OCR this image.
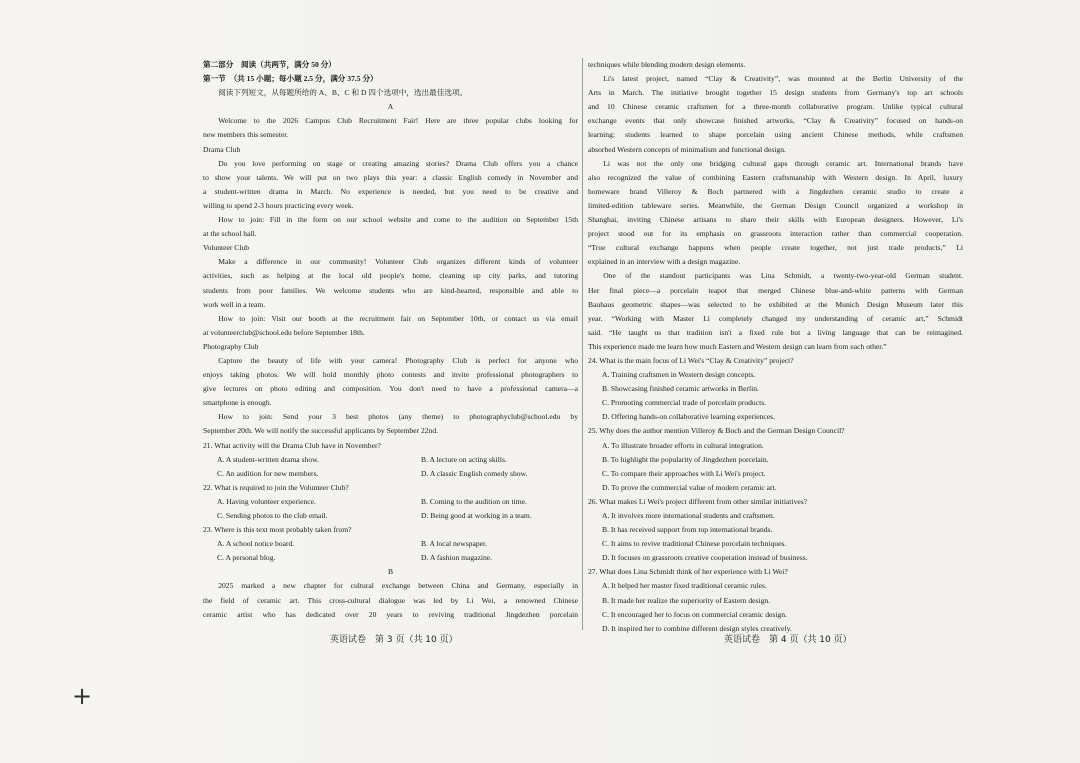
第二部分　阅读（共两节，满分 50 分）
第一节　（共 15 小题；每小题 2.5 分，满分 37.5 分）
阅读下列短文，从每题所给的 A、B、C 和 D 四个选项中，选出最佳选项。
A
Welcome to the 2026 Campus Club Recruitment Fair! Here are three popular clubs looking for
new members this semester.
Drama Club
Do you love performing on stage or creating amazing stories? Drama Club offers you a chance
to show your talents. We will put on two plays this year: a classic English comedy in November and
a student-written drama in March. No experience is needed, but you need to be creative and
willing to spend 2-3 hours practicing every week.
How to join: Fill in the form on our school website and come to the audition on September 15th
at the school hall.
Volunteer Club
Make a difference in our community! Volunteer Club organizes different kinds of volunteer
activities, such as helping at the local old people's home, cleaning up city parks, and tutoring
students from poor families. We welcome students who are kind-hearted, responsible and able to
work well in a team.
How to join: Visit our booth at the recruitment fair on September 10th, or contact us via email
at volunteerclub@school.edu before September 18th.
Photography Club
Capture the beauty of life with your camera! Photography Club is perfect for anyone who
enjoys taking photos. We will hold monthly photo contests and invite professional photographers to
give lectures on photo editing and composition. You don't need to have a professional camera—a
smartphone is enough.
How to join: Send your 3 best photos (any theme) to photographyclub@school.edu by
September 20th. We will notify the successful applicants by September 22nd.
21. What activity will the Drama Club have in November?
A. A student-written drama show.	B. A lecture on acting skills.
C. An audition for new members.	D. A classic English comedy show.
22. What is required to join the Volunteer Club?
A. Having volunteer experience.	B. Coming to the audition on time.
C. Sending photos to the club email.	D. Being good at working in a team.
23. Where is this text most probably taken from?
A. A school notice board.	B. A local newspaper.
C. A personal blog.	D. A fashion magazine.
B
2025 marked a new chapter for cultural exchange between China and Germany, especially in
the field of ceramic art. This cross-cultural dialogue was led by Li Wei, a renowned Chinese
ceramic artist who has dedicated over 20 years to reviving traditional Jingdezhen porcelain
techniques while blending modern design elements.
Li's latest project, named “Clay & Creativity”, was mounted at the Berlin University of the
Arts in March. The initiative brought together 15 design students from Germany's top art schools
and 10 Chinese ceramic craftsmen for a three-month collaborative program. Unlike typical cultural
exchange events that only showcase finished artworks, “Clay & Creativity” focused on hands-on
learning: students learned to shape porcelain using ancient Chinese methods, while craftsmen
absorbed Western concepts of minimalism and functional design.
Li was not the only one bridging cultural gaps through ceramic art. International brands have
also recognized the value of combining Eastern craftsmanship with Western design. In April, luxury
homeware brand Villeroy & Boch partnered with a Jingdezhen ceramic studio to create a
limited-edition tableware series. Meanwhile, the German Design Council organized a workshop in
Shanghai, inviting Chinese artisans to share their skills with European designers. However, Li's
project stood out for its emphasis on grassroots interaction rather than commercial cooperation.
“True cultural exchange happens when people create together, not just trade products,” Li
explained in an interview with a design magazine.
One of the standout participants was Lina Schmidt, a twenty-two-year-old German student.
Her final piece—a porcelain teapot that merged Chinese blue-and-white patterns with German
Bauhaus geometric shapes—was selected to be exhibited at the Munich Design Museum later this
year. “Working with Master Li completely changed my understanding of ceramic art,” Schmidt
said. “He taught us that tradition isn't a fixed rule but a living language that can be reimagined.
This experience made me learn how much Eastern and Western design can learn from each other.”
24. What is the main focus of Li Wei's “Clay & Creativity” project?
A. Training craftsmen in Western design concepts.
B. Showcasing finished ceramic artworks in Berlin.
C. Promoting commercial trade of porcelain products.
D. Offering hands-on collaborative learning experiences.
25. Why does the author mention Villeroy & Boch and the German Design Council?
A. To illustrate broader efforts in cultural integration.
B. To highlight the popularity of Jingdezhen porcelain.
C. To compare their approaches with Li Wei's project.
D. To prove the commercial value of modern ceramic art.
26. What makes Li Wei's project different from other similar initiatives?
A. It involves more international students and craftsmen.
B. It has received support from top international brands.
C. It aims to revive traditional Chinese porcelain techniques.
D. It focuses on grassroots creative cooperation instead of business.
27. What does Lina Schmidt think of her experience with Li Wei?
A. It helped her master fixed traditional ceramic rules.
B. It made her realize the superiority of Eastern design.
C. It encouraged her to focus on commercial ceramic design.
D. It inspired her to combine different design styles creatively.
英语试卷　第 3 页（共 10 页）	英语试卷　第 4 页（共 10 页）
+
